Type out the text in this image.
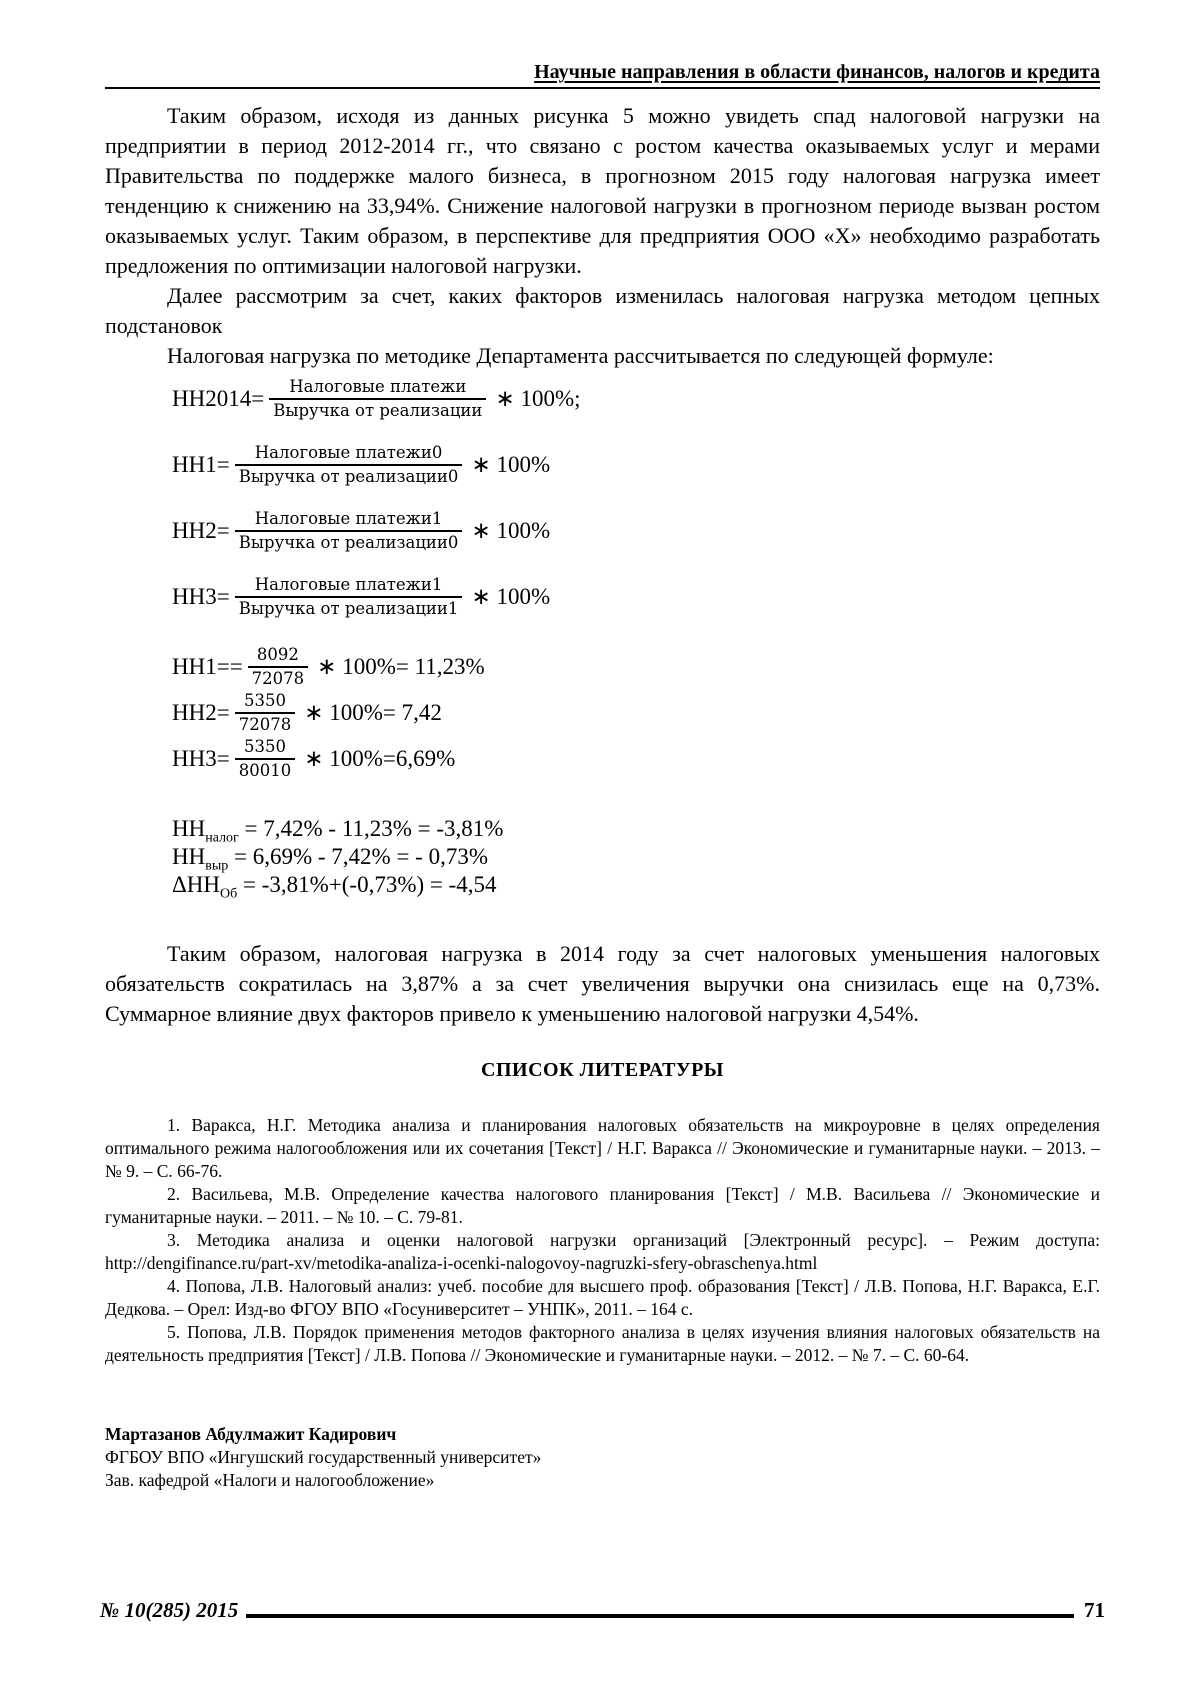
Научные направления в области финансов, налогов и кредита

Таким образом, исходя из данных рисунка 5 можно увидеть спад налоговой нагрузки на предприятии в период 2012-2014 гг., что связано с ростом качества оказываемых услуг и мерами Правительства по поддержке малого бизнеса, в прогнозном 2015 году налоговая нагрузка имеет тенденцию к снижению на 33,94%. Снижение налоговой нагрузки в прогнозном периоде вызван ростом оказываемых услуг. Таким образом, в перспективе для предприятия ООО «Х» необходимо разработать предложения по оптимизации налоговой нагрузки.

Далее рассмотрим за счет, каких факторов изменилась налоговая нагрузка методом цепных подстановок

Налоговая нагрузка по методике Департамента рассчитывается по следующей формуле:

$НН2014= \frac{\text{Налоговые платежи}}{\text{Выручка от реализации}}$ ∗ 100%;
$НН1= \frac{\text{Налоговые платежи0}}{\text{Выручка от реализации0}}$ ∗ 100%
$НН2= \frac{\text{Налоговые платежи1}}{\text{Выручка от реализации0}}$ ∗ 100%
$НН3= \frac{\text{Налоговые платежи1}}{\text{Выручка от реализации1}}$ ∗ 100%
$НН1== \frac{8092}{72078}$ ∗ 100%= 11,23%
$НН2= \frac{5350}{72078}$ ∗ 100%= 7,42
$НН3= \frac{5350}{80010}$ ∗ 100%=6,69%
$НН_{налог} = 7,42\% - 11,23\% = -3,81\%$
$НН_{выр} = 6,69\% - 7,42\%$ = - 0,73%
$\Delta НН_{Об} = -3,81\%+(-0,73\%) = -4,54$

Таким образом, налоговая нагрузка в 2014 году за счет налоговых уменьшения налоговых обязательств сократилась на 3,87% а за счет увеличения выручки она снизилась еще на 0,73%. Суммарное влияние двух факторов привело к уменьшению налоговой нагрузки 4,54%.

СПИСОК ЛИТЕРАТУРЫ

1. Варакса, Н.Г. Методика анализа и планирования налоговых обязательств на микроуровне в целях определения оптимального режима налогообложения или их сочетания [Текст] / Н.Г. Варакса // Экономические и гуманитарные науки. – 2013. – № 9. – С. 66-76.

2. Васильева, М.В. Определение качества налогового планирования [Текст] / М.В. Васильева // Экономические и гуманитарные науки. – 2011. – № 10. – С. 79-81.

3. Методика анализа и оценки налоговой нагрузки организаций [Электронный ресурс]. – Режим доступа: http://dengifinance.ru/part-xv/metodika-analiza-i-ocenki-nalogovoy-nagruzki-sfery-obraschenya.html

4. Попова, Л.В. Налоговый анализ: учеб. пособие для высшего проф. образования [Текст] / Л.В. Попова, Н.Г. Варакса, Е.Г. Дедкова. – Орел: Изд-во ФГОУ ВПО «Госуниверситет – УНПК», 2011. – 164 с.

5. Попова, Л.В. Порядок применения методов факторного анализа в целях изучения влияния налоговых обязательств на деятельность предприятия [Текст] / Л.В. Попова // Экономические и гуманитарные науки. – 2012. – № 7. – С. 60-64.

Мартазанов Абдулмажит Кадирович
ФГБОУ ВПО «Ингушский государственный университет»
Зав. кафедрой «Налоги и налогообложение»
№ 10(285) 2015	71
